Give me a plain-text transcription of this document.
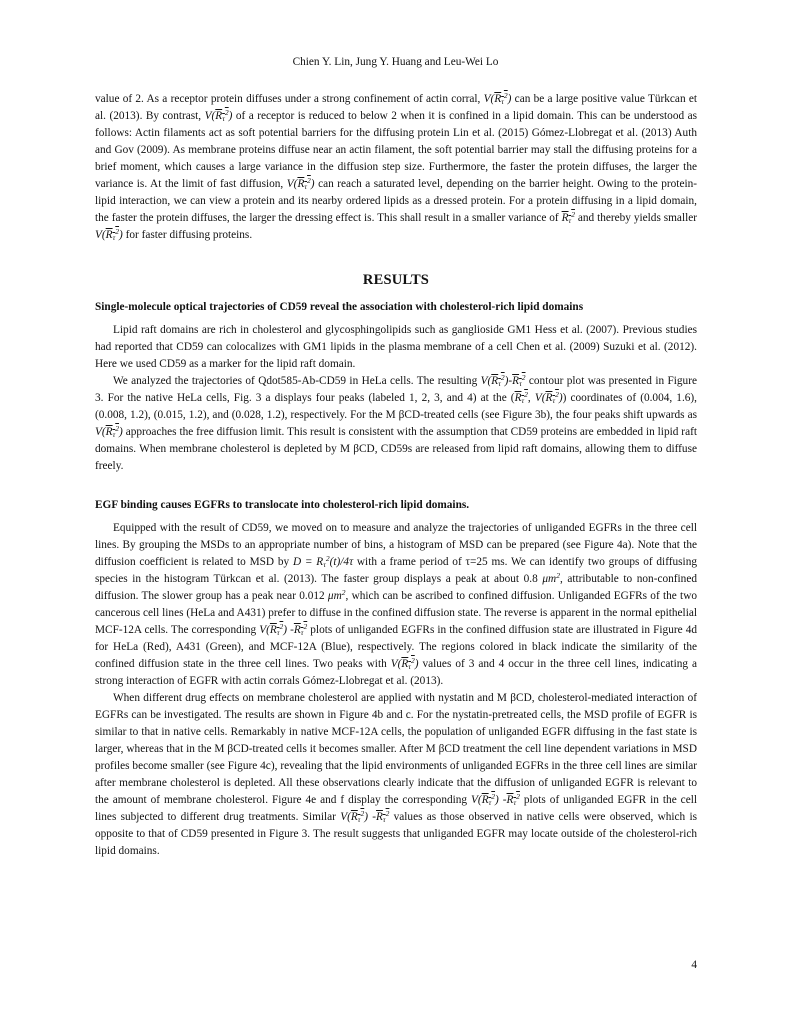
Chien Y. Lin, Jung Y. Huang and Leu-Wei Lo

value of 2. As a receptor protein diffuses under a strong confinement of actin corral, $V(R_\tau^2)$ can be a large positive value Türkcan et al. (2013). By contrast, $V(R_\tau^2)$ of a receptor is reduced to below 2 when it is confined in a lipid domain. This can be understood as follows: Actin filaments act as soft potential barriers for the diffusing protein Lin et al. (2015) Gómez-Llobregat et al. (2013) Auth and Gov (2009). As membrane proteins diffuse near an actin filament, the soft potential barrier may stall the diffusing proteins for a brief moment, which causes a large variance in the diffusion step size. Furthermore, the faster the protein diffuses, the larger the variance is. At the limit of fast diffusion, $V(R_\tau^2)$ can reach a saturated level, depending on the barrier height. Owing to the protein-lipid interaction, we can view a protein and its nearby ordered lipids as a dressed protein. For a protein diffusing in a lipid domain, the faster the protein diffuses, the larger the dressing effect is. This shall result in a smaller variance of $R_\tau^2$ and thereby yields smaller $V(R_\tau^2)$ for faster diffusing proteins.

RESULTS
Single-molecule optical trajectories of CD59 reveal the association with cholesterol-rich lipid domains

Lipid raft domains are rich in cholesterol and glycosphingolipids such as ganglioside GM1 Hess et al. (2007). Previous studies had reported that CD59 can colocalizes with GM1 lipids in the plasma membrane of a cell Chen et al. (2009) Suzuki et al. (2012). Here we used CD59 as a marker for the lipid raft domain.

We analyzed the trajectories of Qdot585-Ab-CD59 in HeLa cells. The resulting $V(R_\tau^2)-R_\tau^2$ contour plot was presented in Figure 3. For the native HeLa cells, Fig. 3 a displays four peaks (labeled 1, 2, 3, and 4) at the ($R_\tau^2$, $V(R_\tau^2)$) coordinates of (0.004, 1.6), (0.008, 1.2), (0.015, 1.2), and (0.028, 1.2), respectively. For the M βCD-treated cells (see Figure 3b), the four peaks shift upwards as $V(R_\tau^2)$ approaches the free diffusion limit. This result is consistent with the assumption that CD59 proteins are embedded in lipid raft domains. When membrane cholesterol is depleted by M βCD, CD59s are released from lipid raft domains, allowing them to diffuse freely.

EGF binding causes EGFRs to translocate into cholesterol-rich lipid domains.

Equipped with the result of CD59, we moved on to measure and analyze the trajectories of unliganded EGFRs in the three cell lines. By grouping the MSDs to an appropriate number of bins, a histogram of MSD can be prepared (see Figure 4a). Note that the diffusion coefficient is related to MSD by $D = R_\tau^2(t)/4\tau$ with a frame period of τ=25 ms. We can identify two groups of diffusing species in the histogram Türkcan et al. (2013). The faster group displays a peak at about 0.8 $\mu m^2$, attributable to non-confined diffusion. The slower group has a peak near 0.012 $\mu m^2$, which can be ascribed to confined diffusion. Unliganded EGFRs of the two cancerous cell lines (HeLa and A431) prefer to diffuse in the confined diffusion state. The reverse is apparent in the normal epithelial MCF-12A cells. The corresponding $V(R_\tau^2)$ $-R_\tau^2$ plots of unliganded EGFRs in the confined diffusion state are illustrated in Figure 4d for HeLa (Red), A431 (Green), and MCF-12A (Blue), respectively. The regions colored in black indicate the similarity of the confined diffusion state in the three cell lines. Two peaks with $V(R_\tau^2)$ values of 3 and 4 occur in the three cell lines, indicating a strong interaction of EGFR with actin corrals Gómez-Llobregat et al. (2013).

When different drug effects on membrane cholesterol are applied with nystatin and M βCD, cholesterol-mediated interaction of EGFRs can be investigated. The results are shown in Figure 4b and c. For the nystatin-pretreated cells, the MSD profile of EGFR is similar to that in native cells. Remarkably in native MCF-12A cells, the population of unliganded EGFR diffusing in the fast state is larger, whereas that in the M βCD-treated cells it becomes smaller. After M βCD treatment the cell line dependent variations in MSD profiles become smaller (see Figure 4c), revealing that the lipid environments of unliganded EGFRs in the three cell lines are similar after membrane cholesterol is depleted. All these observations clearly indicate that the diffusion of unliganded EGFR is relevant to the amount of membrane cholesterol. Figure 4e and f display the corresponding $V(R_\tau^2)$ $-R_\tau^2$ plots of unliganded EGFR in the cell lines subjected to different drug treatments. Similar $V(R_\tau^2)$ $-R_\tau^2$ values as those observed in native cells were observed, which is opposite to that of CD59 presented in Figure 3. The result suggests that unliganded EGFR may locate outside of the cholesterol-rich lipid domains.

4
